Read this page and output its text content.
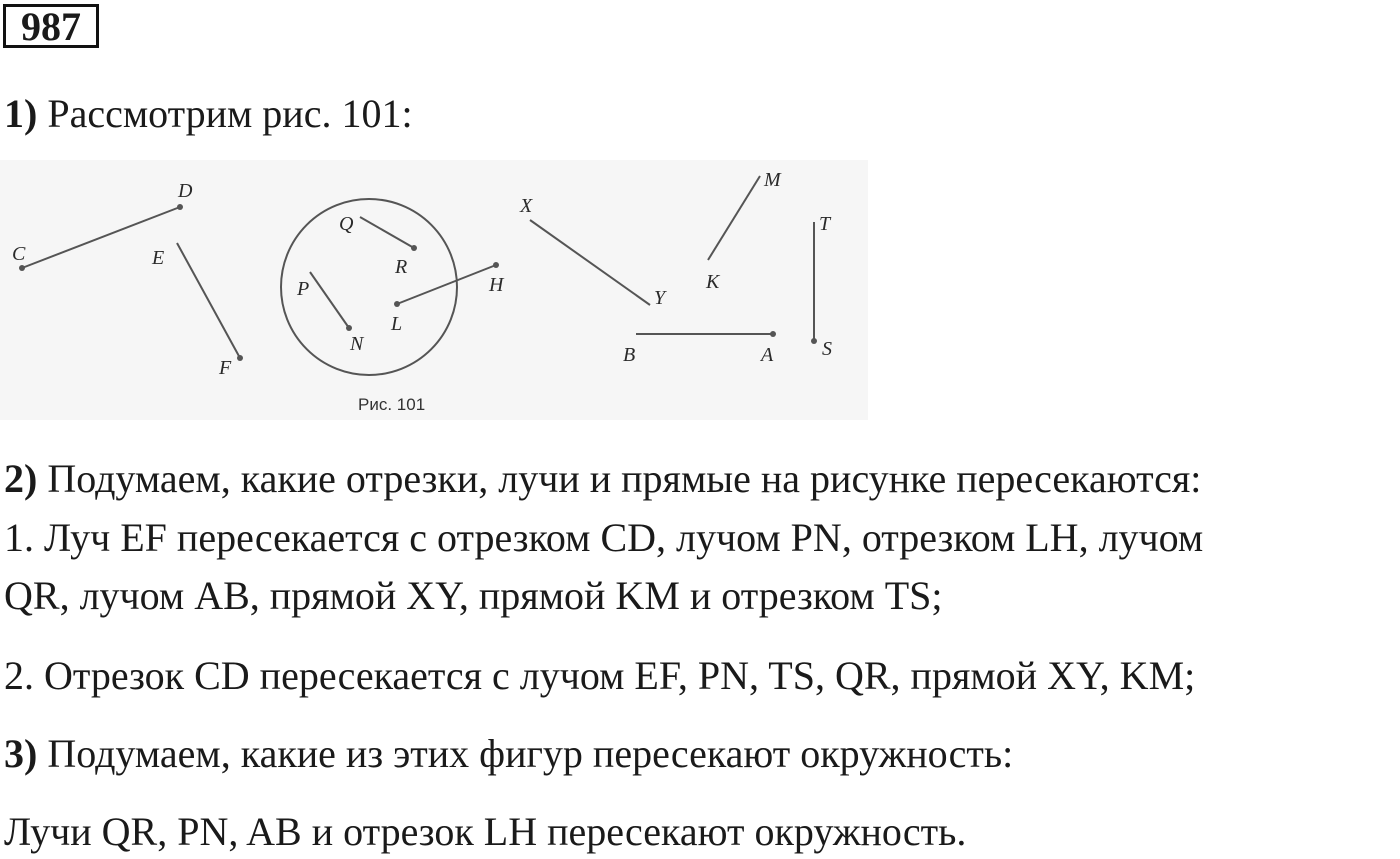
987
1) Рассмотрим рис. 101:
C
D
E
F
Q
R
P
N
L
H
X
Y
M
K
T
S
B	A
Рис. 101
2) Подумаем, какие отрезки, лучи и прямые на рисунке пересекаются:
1. Луч EF пересекается с отрезком CD, лучом PN, отрезком LH, лучом
QR, лучом AB, прямой XY, прямой KM и отрезком TS;
2. Отрезок CD пересекается с лучом EF, PN, TS, QR, прямой XY, KM;
3) Подумаем, какие из этих фигур пересекают окружность:
Лучи QR, PN, AB и отрезок LH пересекают окружность.
